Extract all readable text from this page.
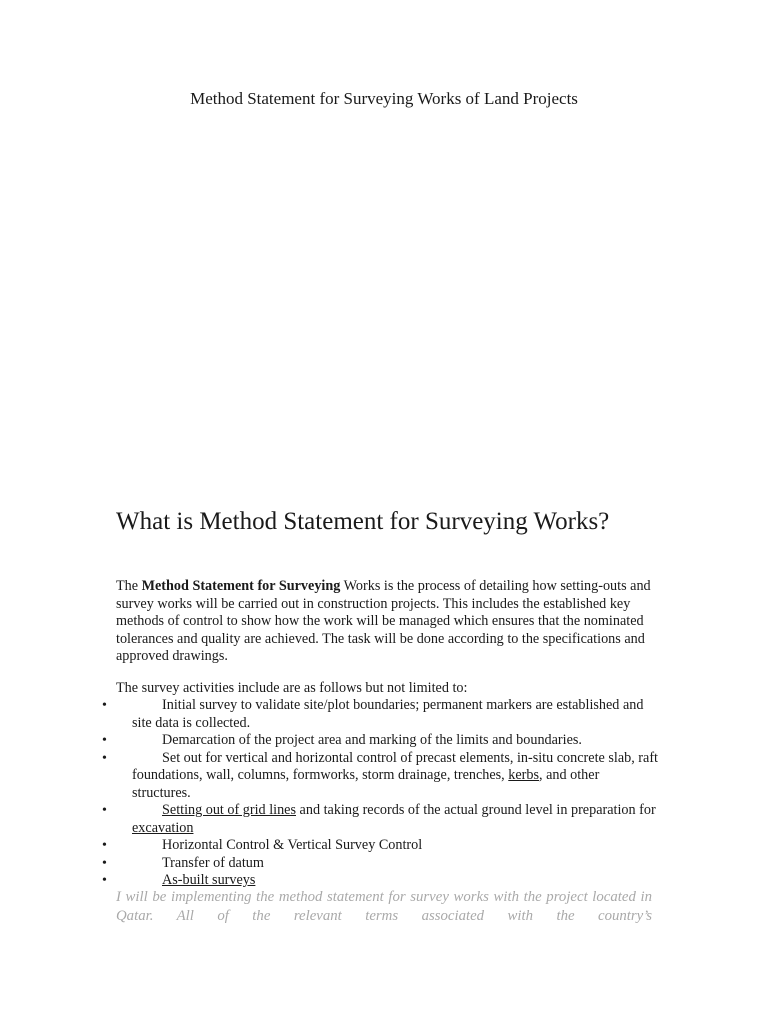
Method Statement for Surveying Works of Land Projects
What is Method Statement for Surveying Works?
The Method Statement for Surveying Works is the process of detailing how setting-outs and survey works will be carried out in construction projects. This includes the established key methods of control to show how the work will be managed which ensures that the nominated tolerances and quality are achieved. The task will be done according to the specifications and approved drawings.
The survey activities include are as follows but not limited to:
•	Initial survey to validate site/plot boundaries; permanent markers are established and site data is collected.
•	Demarcation of the project area and marking of the limits and boundaries.
•	Set out for vertical and horizontal control of precast elements, in-situ concrete slab, raft foundations, wall, columns, formworks, storm drainage, trenches, kerbs, and other structures.
•	Setting out of grid lines and taking records of the actual ground level in preparation for excavation
•	Horizontal Control & Vertical Survey Control
•	Transfer of datum
•	As-built surveys
I will be implementing the method statement for survey works with the project located in Qatar. All of the relevant terms associated with the country’s
